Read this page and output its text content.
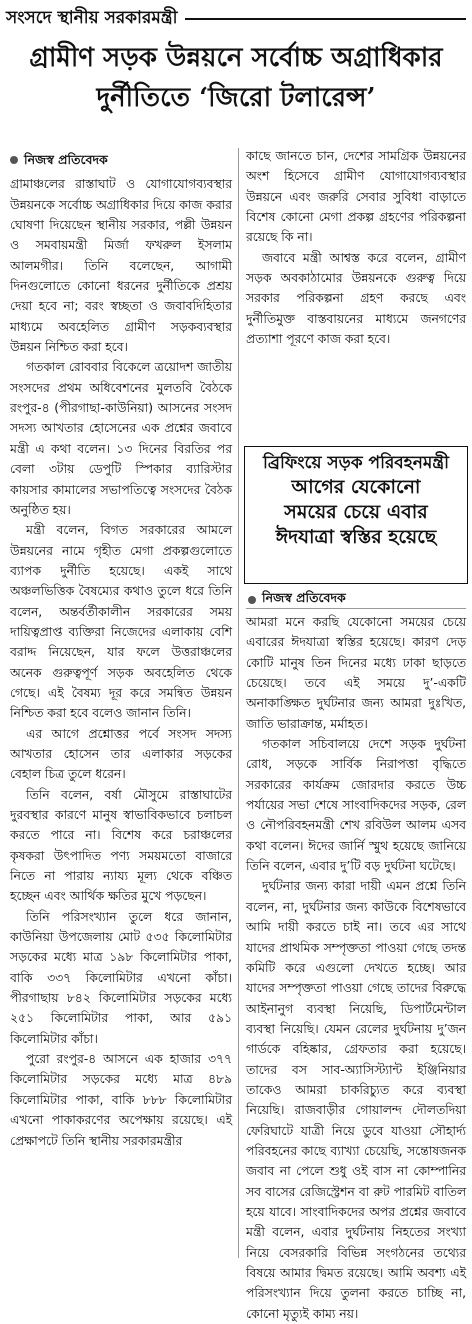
সংসদে স্থানীয় সরকারমন্ত্রী
গ্রামীণ সড়ক উন্নয়নে সর্বোচ্চ অগ্রাধিকার
দুর্নীতিতে ‘জিরো টলারেন্স’
নিজস্ব প্রতিবেদক

গ্রামাঞ্চলের রাস্তাঘাট ও যোগাযোগব্যবস্থার উন্নয়নকে সর্বোচ্চ অগ্রাধিকার দিয়ে কাজ করার ঘোষণা দিয়েছেন স্থানীয় সরকার, পল্লী উন্নয়ন ও সমবায়মন্ত্রী মির্জা ফখরুল ইসলাম আলমগীর। তিনি বলেছেন, আগামী দিনগুলোতে কোনো ধরনের দুর্নীতিকে প্রশ্রয় দেয়া হবে না; বরং স্বচ্ছতা ও জবাবদিহিতার মাধ্যমে অবহেলিত গ্রামীণ সড়কব্যবস্থার উন্নয়ন নিশ্চিত করা হবে।

গতকাল রোববার বিকেলে ত্রয়োদশ জাতীয় সংসদের প্রথম অধিবেশনের মুলতবি বৈঠকে রংপুর-৪ (পীরগাছা-কাউনিয়া) আসনের সংসদ সদস্য আখতার হোসেনের এক প্রশ্নের জবাবে মন্ত্রী এ কথা বলেন। ১৩ দিনের বিরতির পর বেলা ৩টায় ডেপুটি স্পিকার ব্যারিস্টার কায়সার কামালের সভাপতিত্বে সংসদের বৈঠক অনুষ্ঠিত হয়।

মন্ত্রী বলেন, বিগত সরকারের আমলে উন্নয়নের নামে গৃহীত মেগা প্রকল্পগুলোতে ব্যাপক দুর্নীতি হয়েছে। একই সাথে অঞ্চলভিত্তিক বৈষম্যের কথাও তুলে ধরে তিনি বলেন, অন্তর্বর্তীকালীন সরকারের সময় দায়িত্বপ্রাপ্ত ব্যক্তিরা নিজেদের এলাকায় বেশি বরাদ্দ নিয়েছেন, যার ফলে উত্তরাঞ্চলের অনেক গুরুত্বপূর্ণ সড়ক অবহেলিত থেকে গেছে। এই বৈষম্য দূর করে সমন্বিত উন্নয়ন নিশ্চিত করা হবে বলেও জানান তিনি।

এর আগে প্রশ্নোত্তর পর্বে সংসদ সদস্য আখতার হোসেন তার এলাকার সড়কের বেহাল চিত্র তুলে ধরেন।

তিনি বলেন, বর্ষা মৌসুমে রাস্তাঘাটের দুরবস্থার কারণে মানুষ স্বাভাবিকভাবে চলাচল করতে পারে না। বিশেষ করে চরাঞ্চলের কৃষকরা উৎপাদিত পণ্য সময়মতো বাজারে নিতে না পারায় ন্যায্য মূল্য থেকে বঞ্চিত হচ্ছেন এবং আর্থিক ক্ষতির মুখে পড়ছেন।

তিনি পরিসংখ্যান তুলে ধরে জানান, কাউনিয়া উপজেলায় মোট ৫৩৫ কিলোমিটার সড়কের মধ্যে মাত্র ১৯৮ কিলোমিটার পাকা, বাকি ৩৩৭ কিলোমিটার এখনো কাঁচা। পীরগাছায় ৮৪২ কিলোমিটার সড়কের মধ্যে ২৫১ কিলোমিটার পাকা, আর ৫৯১ কিলোমিটার কাঁচা।

পুরো রংপুর-৪ আসনে এক হাজার ৩৭৭ কিলোমিটার সড়কের মধ্যে মাত্র ৪৮৯ কিলোমিটার পাকা, বাকি ৮৮৮ কিলোমিটার এখনো পাকাকরণের অপেক্ষায় রয়েছে। এই প্রেক্ষাপটে তিনি স্থানীয় সরকারমন্ত্রীর

কাছে জানতে চান, দেশের সামগ্রিক উন্নয়নের অংশ হিসেবে গ্রামীণ যোগাযোগব্যবস্থার উন্নয়নে এবং জরুরি সেবার সুবিধা বাড়াতে বিশেষ কোনো মেগা প্রকল্প গ্রহণের পরিকল্পনা রয়েছে কি না।

জবাবে মন্ত্রী আশ্বস্ত করে বলেন, গ্রামীণ সড়ক অবকাঠামোর উন্নয়নকে গুরুত্ব দিয়ে সরকার পরিকল্পনা গ্রহণ করছে এবং দুর্নীতিমুক্ত বাস্তবায়নের মাধ্যমে জনগণের প্রত্যাশা পূরণে কাজ করা হবে।

ব্রিফিংয়ে সড়ক পরিবহনমন্ত্রী
আগের যেকোনো
সময়ের চেয়ে এবার
ঈদযাত্রা স্বস্তির হয়েছে
নিজস্ব প্রতিবেদক

আমরা মনে করছি যেকোনো সময়ের চেয়ে এবারের ঈদযাত্রা স্বস্তির হয়েছে। কারণ দেড় কোটি মানুষ তিন দিনের মধ্যে ঢাকা ছাড়তে চেয়েছে। তবে এই সময়ে দু’-একটি অনাকাঙ্ক্ষিত দুর্ঘটনার জন্য আমরা দুঃখিত, জাতি ভারাক্রান্ত, মর্মাহত।

গতকাল সচিবালয়ে দেশে সড়ক দুর্ঘটনা রোধ, সড়কে সার্বিক নিরাপত্তা বৃদ্ধিতে সরকারের কার্যক্রম জোরদার করতে উচ্চ পর্যায়ের সভা শেষে সাংবাদিকদের সড়ক, রেল ও নৌপরিবহনমন্ত্রী শেখ রবিউল আলম এসব কথা বলেন। ঈদের জার্নি স্মুথ হয়েছে জানিয়ে তিনি বলেন, এবার দু’টি বড় দুর্ঘটনা ঘটেছে।

দুর্ঘটনার জন্য কারা দায়ী এমন প্রশ্নে তিনি বলেন, না, দুর্ঘটনার জন্য কাউকে বিশেষভাবে আমি দায়ী করতে চাই না। তবে এর সাথে যাদের প্রাথমিক সম্পৃক্ততা পাওয়া গেছে তদন্ত কমিটি করে এগুলো দেখতে হচ্ছে। আর যাদের সম্পৃক্ততা পাওয়া গেছে তাদের বিরুদ্ধে আইনানুগ ব্যবস্থা নিয়েছি, ডিপার্টমেন্টাল ব্যবস্থা নিয়েছি। যেমন রেলের দুর্ঘটনায় দু’জন গার্ডকে বহিষ্কার, গ্রেফতার করা হয়েছে। তাদের বস সাব-অ্যাসিস্ট্যান্ট ইঞ্জিনিয়ার তাকেও আমরা চাকরিচ্যুত করে ব্যবস্থা নিয়েছি। রাজবাড়ীর গোয়ালন্দ দৌলতদিয়া ফেরিঘাটে যাত্রী নিয়ে ডুবে যাওয়া সৌহার্দ্য পরিবহনের কাছে ব্যাখ্যা চেয়েছি, সন্তোষজনক জবাব না পেলে শুধু ওই বাস না কোম্পানির সব বাসের রেজিস্ট্রেশন বা রুট পারমিট বাতিল হয়ে যাবে। সাংবাদিকদের অপর প্রশ্নের জবাবে মন্ত্রী বলেন, এবার দুর্ঘটনায় নিহতের সংখ্যা নিয়ে বেসরকারি বিভিন্ন সংগঠনের তথ্যের বিষয়ে আমার দ্বিমত রয়েছে। আমি অবশ্য এই পরিসংখ্যান দিয়ে তুলনা করতে চাচ্ছি না, কোনো মৃত্যুই কাম্য নয়।
